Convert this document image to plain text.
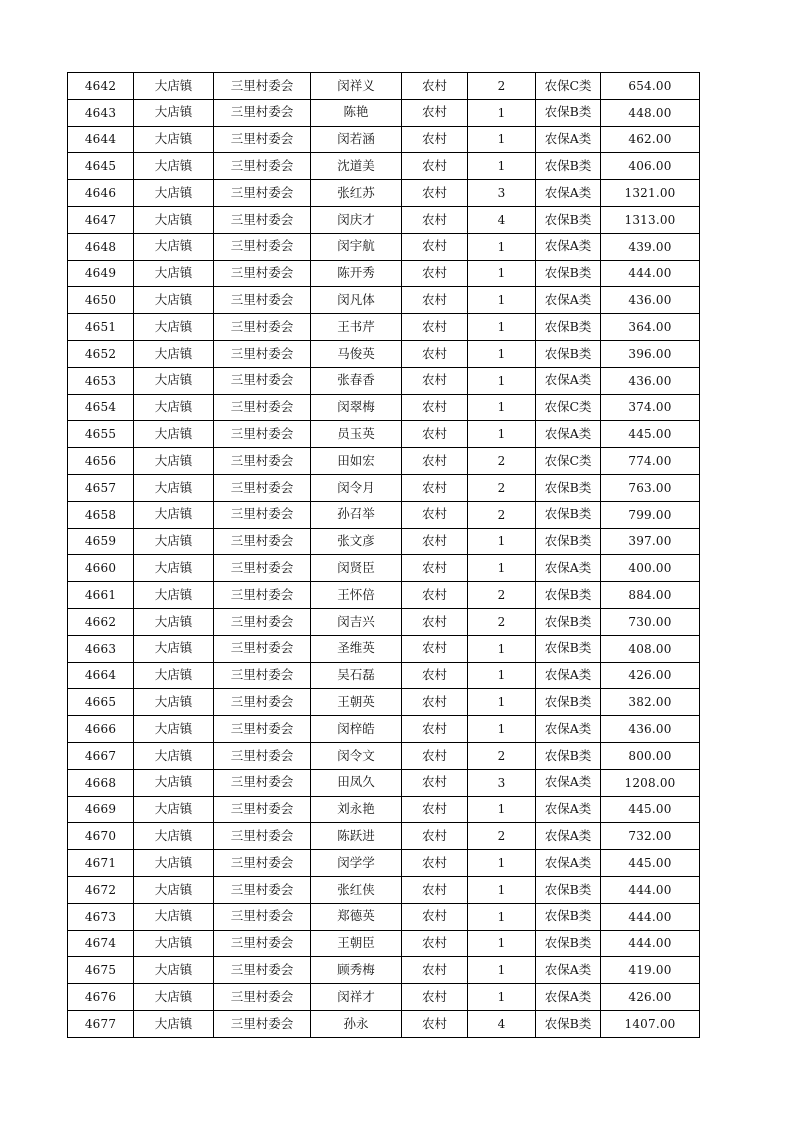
4642	大店镇	三里村委会	闵祥义	农村	2	农保C类	654.00
4643	大店镇	三里村委会	陈艳	农村	1	农保B类	448.00
4644	大店镇	三里村委会	闵若涵	农村	1	农保A类	462.00
4645	大店镇	三里村委会	沈道美	农村	1	农保B类	406.00
4646	大店镇	三里村委会	张红苏	农村	3	农保A类	1321.00
4647	大店镇	三里村委会	闵庆才	农村	4	农保B类	1313.00
4648	大店镇	三里村委会	闵宇航	农村	1	农保A类	439.00
4649	大店镇	三里村委会	陈开秀	农村	1	农保B类	444.00
4650	大店镇	三里村委会	闵凡体	农村	1	农保A类	436.00
4651	大店镇	三里村委会	王书芹	农村	1	农保B类	364.00
4652	大店镇	三里村委会	马俊英	农村	1	农保B类	396.00
4653	大店镇	三里村委会	张春香	农村	1	农保A类	436.00
4654	大店镇	三里村委会	闵翠梅	农村	1	农保C类	374.00
4655	大店镇	三里村委会	员玉英	农村	1	农保A类	445.00
4656	大店镇	三里村委会	田如宏	农村	2	农保C类	774.00
4657	大店镇	三里村委会	闵令月	农村	2	农保B类	763.00
4658	大店镇	三里村委会	孙召举	农村	2	农保B类	799.00
4659	大店镇	三里村委会	张文彦	农村	1	农保B类	397.00
4660	大店镇	三里村委会	闵贤臣	农村	1	农保A类	400.00
4661	大店镇	三里村委会	王怀倍	农村	2	农保B类	884.00
4662	大店镇	三里村委会	闵吉兴	农村	2	农保B类	730.00
4663	大店镇	三里村委会	圣维英	农村	1	农保B类	408.00
4664	大店镇	三里村委会	吴石磊	农村	1	农保A类	426.00
4665	大店镇	三里村委会	王朝英	农村	1	农保B类	382.00
4666	大店镇	三里村委会	闵梓皓	农村	1	农保A类	436.00
4667	大店镇	三里村委会	闵令文	农村	2	农保B类	800.00
4668	大店镇	三里村委会	田凤久	农村	3	农保A类	1208.00
4669	大店镇	三里村委会	刘永艳	农村	1	农保A类	445.00
4670	大店镇	三里村委会	陈跃进	农村	2	农保A类	732.00
4671	大店镇	三里村委会	闵学学	农村	1	农保A类	445.00
4672	大店镇	三里村委会	张红侠	农村	1	农保B类	444.00
4673	大店镇	三里村委会	郑德英	农村	1	农保B类	444.00
4674	大店镇	三里村委会	王朝臣	农村	1	农保B类	444.00
4675	大店镇	三里村委会	顾秀梅	农村	1	农保A类	419.00
4676	大店镇	三里村委会	闵祥才	农村	1	农保A类	426.00
4677	大店镇	三里村委会	孙永	农村	4	农保B类	1407.00
